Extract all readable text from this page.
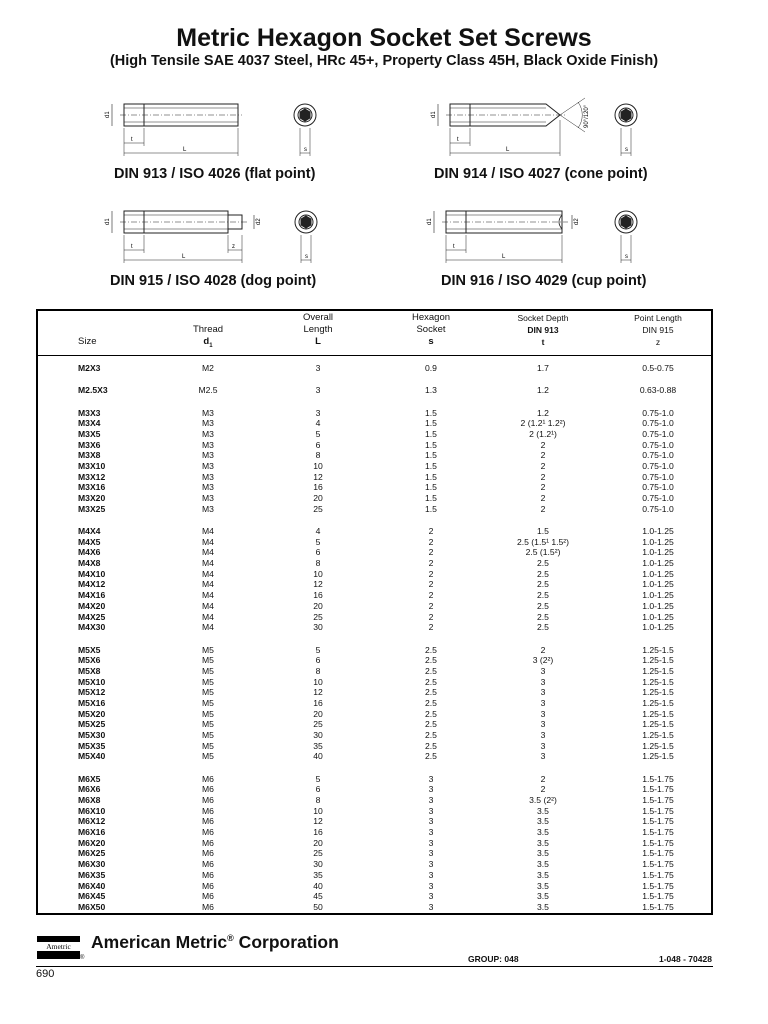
Metric Hexagon Socket Set Screws
(High Tensile SAE 4037 Steel, HRc 45+, Property Class 45H, Black Oxide Finish)
d1
t
L	s
DIN 913 / ISO 4026 (flat point)
d1	90°/120°
t
L	s
DIN 914 / ISO 4027 (cone point)
d1	d2
t	z
L	s
DIN 915 / ISO 4028 (dog point)
d1	d2
t
L	s
DIN 916 / ISO 4029 (cup point)
Size
Thread
$d_1$
Overall
Length
L
Hexagon
Socket
s
Socket Depth
DIN 913
t
Point Length
DIN 915
z
M2X3	M2	3	0.9	1.7	0.5-0.75
M2.5X3	M2.5	3	1.3	1.2	0.63-0.88
M3X3	M3	3	1.5	1.2	0.75-1.0
M3X4	M3	4	1.5	2 (1.2¹ 1.2²)	0.75-1.0
M3X5	M3	5	1.5	2 (1.2¹)	0.75-1.0
M3X6	M3	6	1.5	2	0.75-1.0
M3X8	M3	8	1.5	2	0.75-1.0
M3X10	M3	10	1.5	2	0.75-1.0
M3X12	M3	12	1.5	2	0.75-1.0
M3X16	M3	16	1.5	2	0.75-1.0
M3X20	M3	20	1.5	2	0.75-1.0
M3X25	M3	25	1.5	2	0.75-1.0
M4X4	M4	4	2	1.5	1.0-1.25
M4X5	M4	5	2	2.5 (1.5¹ 1.5²)	1.0-1.25
M4X6	M4	6	2	2.5 (1.5²)	1.0-1.25
M4X8	M4	8	2	2.5	1.0-1.25
M4X10	M4	10	2	2.5	1.0-1.25
M4X12	M4	12	2	2.5	1.0-1.25
M4X16	M4	16	2	2.5	1.0-1.25
M4X20	M4	20	2	2.5	1.0-1.25
M4X25	M4	25	2	2.5	1.0-1.25
M4X30	M4	30	2	2.5	1.0-1.25
M5X5	M5	5	2.5	2	1.25-1.5
M5X6	M5	6	2.5	3 (2²)	1.25-1.5
M5X8	M5	8	2.5	3	1.25-1.5
M5X10	M5	10	2.5	3	1.25-1.5
M5X12	M5	12	2.5	3	1.25-1.5
M5X16	M5	16	2.5	3	1.25-1.5
M5X20	M5	20	2.5	3	1.25-1.5
M5X25	M5	25	2.5	3	1.25-1.5
M5X30	M5	30	2.5	3	1.25-1.5
M5X35	M5	35	2.5	3	1.25-1.5
M5X40	M5	40	2.5	3	1.25-1.5
M6X5	M6	5	3	2	1.5-1.75
M6X6	M6	6	3	2	1.5-1.75
M6X8	M6	8	3	3.5 (2²)	1.5-1.75
M6X10	M6	10	3	3.5	1.5-1.75
M6X12	M6	12	3	3.5	1.5-1.75
M6X16	M6	16	3	3.5	1.5-1.75
M6X20	M6	20	3	3.5	1.5-1.75
M6X25	M6	25	3	3.5	1.5-1.75
M6X30	M6	30	3	3.5	1.5-1.75
M6X35	M6	35	3	3.5	1.5-1.75
M6X40	M6	40	3	3.5	1.5-1.75
M6X45	M6	45	3	3.5	1.5-1.75
M6X50	M6	50	3	3.5	1.5-1.75
Ametric
®
American Metric® Corporation
GROUP: 048	1-048 - 70428
690
